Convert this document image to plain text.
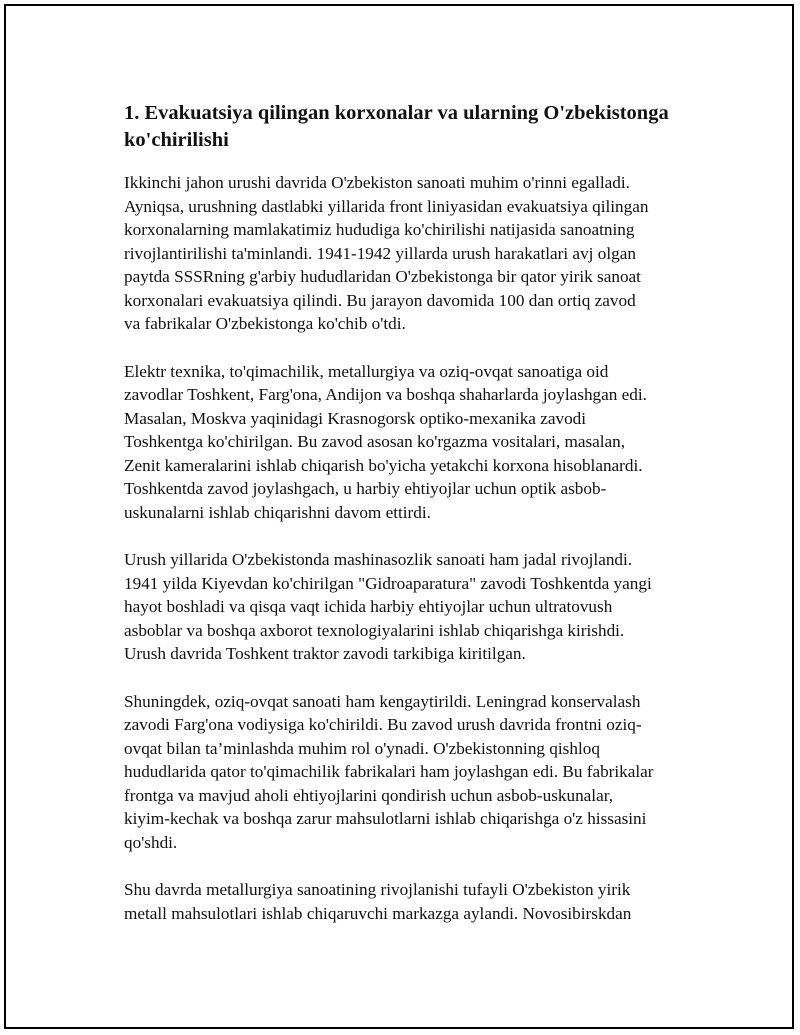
1. Evakuatsiya qilingan korxonalar va ularning O'zbekistonga
ko'chirilishi

Ikkinchi jahon urushi davrida O'zbekiston sanoati muhim o'rinni egalladi.
Ayniqsa, urushning dastlabki yillarida front liniyasidan evakuatsiya qilingan
korxonalarning mamlakatimiz hududiga ko'chirilishi natijasida sanoatning
rivojlantirilishi ta'minlandi. 1941-1942 yillarda urush harakatlari avj olgan
paytda SSSRning g'arbiy hududlaridan O'zbekistonga bir qator yirik sanoat
korxonalari evakuatsiya qilindi. Bu jarayon davomida 100 dan ortiq zavod
va fabrikalar O'zbekistonga ko'chib o'tdi.

Elektr texnika, to'qimachilik, metallurgiya va oziq-ovqat sanoatiga oid
zavodlar Toshkent, Farg'ona, Andijon va boshqa shaharlarda joylashgan edi.
Masalan, Moskva yaqinidagi Krasnogorsk optiko-mexanika zavodi
Toshkentga ko'chirilgan. Bu zavod asosan ko'rgazma vositalari, masalan,
Zenit kameralarini ishlab chiqarish bo'yicha yetakchi korxona hisoblanardi.
Toshkentda zavod joylashgach, u harbiy ehtiyojlar uchun optik asbob-
uskunalarni ishlab chiqarishni davom ettirdi.

Urush yillarida O'zbekistonda mashinasozlik sanoati ham jadal rivojlandi.
1941 yilda Kiyevdan ko'chirilgan "Gidroaparatura" zavodi Toshkentda yangi
hayot boshladi va qisqa vaqt ichida harbiy ehtiyojlar uchun ultratovush
asboblar va boshqa axborot texnologiyalarini ishlab chiqarishga kirishdi.
Urush davrida Toshkent traktor zavodi tarkibiga kiritilgan.

Shuningdek, oziq-ovqat sanoati ham kengaytirildi. Leningrad konservalash
zavodi Farg'ona vodiysiga ko'chirildi. Bu zavod urush davrida frontni oziq-
ovqat bilan ta’minlashda muhim rol o'ynadi. O'zbekistonning qishloq
hududlarida qator to'qimachilik fabrikalari ham joylashgan edi. Bu fabrikalar
frontga va mavjud aholi ehtiyojlarini qondirish uchun asbob-uskunalar,
kiyim-kechak va boshqa zarur mahsulotlarni ishlab chiqarishga o'z hissasini
qo'shdi.

Shu davrda metallurgiya sanoatining rivojlanishi tufayli O'zbekiston yirik
metall mahsulotlari ishlab chiqaruvchi markazga aylandi. Novosibirskdan
